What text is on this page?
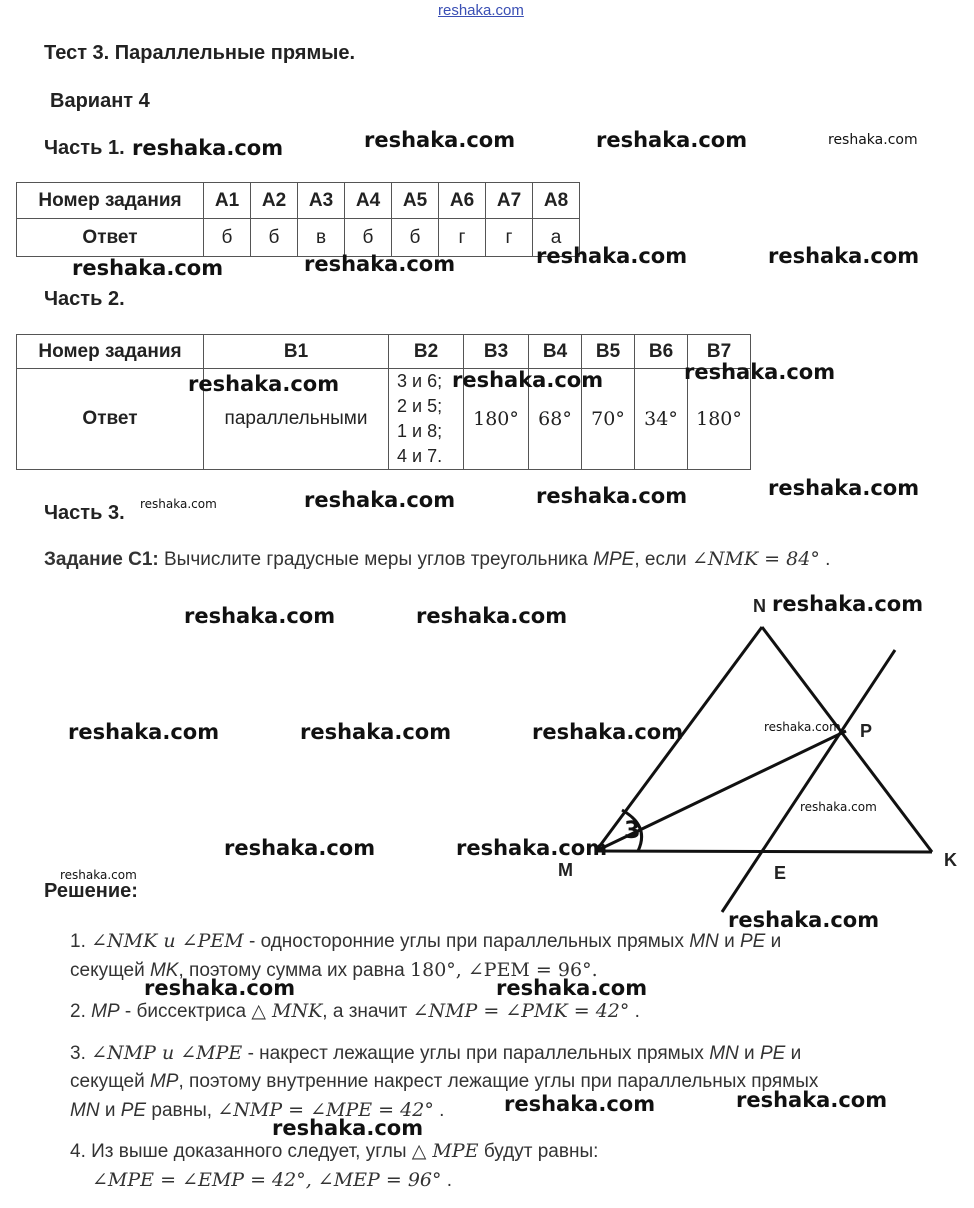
reshaka.com
Тест 3. Параллельные прямые.
Вариант 4
Часть 1.
Номер задания	А1	А2	А3	А4	А5	А6	А7	А8
Ответ	б	б	в	б	б	г	г	а
Часть 2.
Номер задания	В1	В2	В3	В4	В5	В6	В7
Ответ	параллельными	3 и 6;
2 и 5;
1 и 8;
4 и 7.	180°	68°	70°	34°	180°
Часть 3.
Задание С1: Вычислите градусные меры углов треугольника MPE, если ∠NMK = 84° .
3
N
P
M	E
K
Решение:
1. ∠NMK и ∠PEM - односторонние углы при параллельных прямых MN и PE и
секущей MK, поэтому сумма их равна 180°, ∠PEM = 96°.
2. MP - биссектриса △ MNK, а значит ∠NMP = ∠PMK = 42° .
3. ∠NMP и ∠MPE - накрест лежащие углы при параллельных прямых MN и PE и
секущей MP, поэтому внутренние накрест лежащие углы при параллельных прямых
MN и PE равны, ∠NMP = ∠MPE = 42° .
4. Из выше доказанного следует, углы △ MPE будут равны:
∠MPE = ∠EMP = 42°, ∠MEP = 96° .
reshaka.com	reshaka.com	reshaka.com	reshaka.com
reshaka.com	reshaka.com	reshaka.com	reshaka.com
reshaka.com	reshaka.com	reshaka.com
reshaka.com	reshaka.com	reshaka.com	reshaka.com
reshaka.com	reshaka.com	reshaka.com
reshaka.com	reshaka.com	reshaka.com	reshaka.com
reshaka.com
reshaka.com	reshaka.com
reshaka.com
reshaka.com
reshaka.com	reshaka.com
reshaka.com	reshaka.com
reshaka.com
